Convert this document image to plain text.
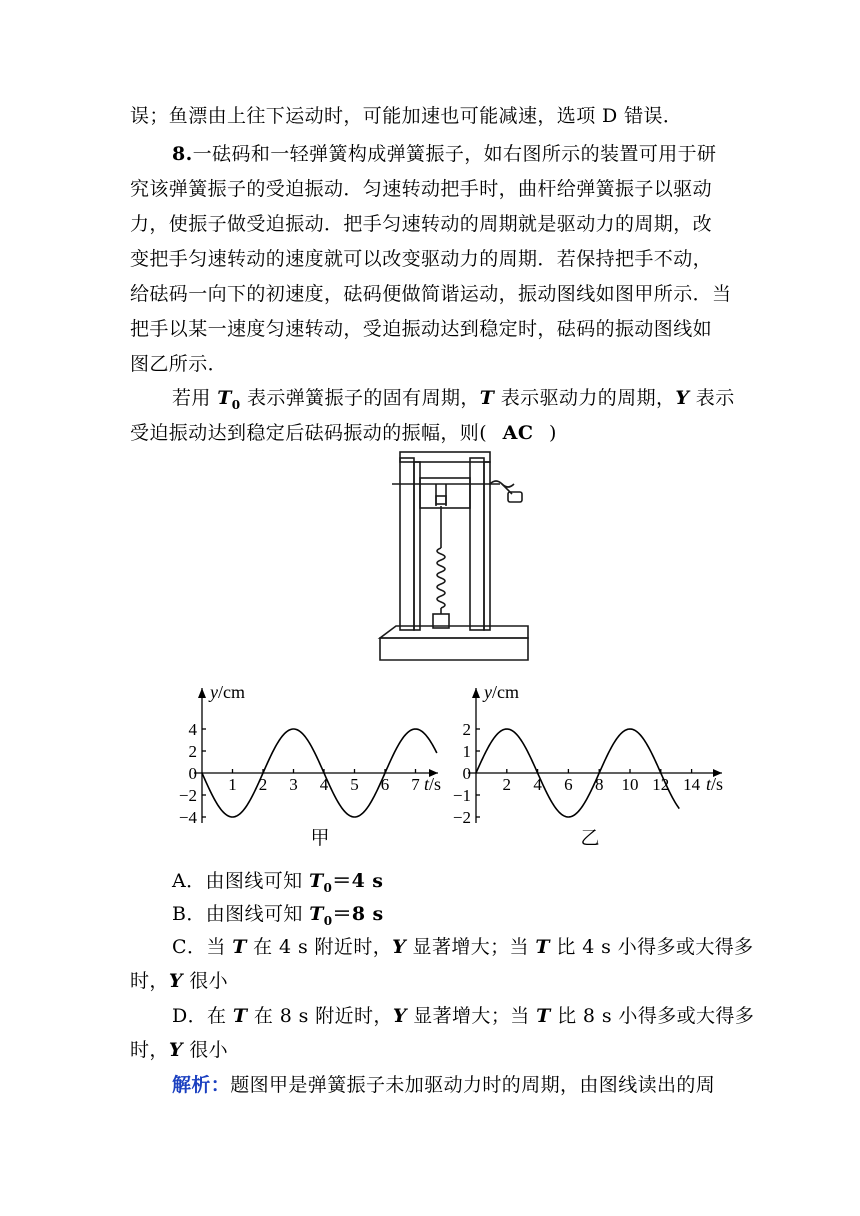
误；鱼漂由上往下运动时，可能加速也可能减速，选项 D 错误．
8.一砝码和一轻弹簧构成弹簧振子，如右图所示的装置可用于研
究该弹簧振子的受迫振动．匀速转动把手时，曲杆给弹簧振子以驱动
力，使振子做受迫振动．把手匀速转动的周期就是驱动力的周期，改
变把手匀速转动的速度就可以改变驱动力的周期．若保持把手不动，
给砝码一向下的初速度，砝码便做简谐运动，振动图线如图甲所示．当
把手以某一速度匀速转动，受迫振动达到稳定时，砝码的振动图线如
图乙所示．
若用 $T_0$ 表示弹簧振子的固有周期，T 表示驱动力的周期，Y 表示
受迫振动达到稳定后砝码振动的振幅，则( AC )
y/cm
t/s
1 2 3 4 5 6 7
4
2
0
−2
−4
甲
y/cm
t/s
2 4 6 8 10 12 14
2
1
0
−1
−2
乙
A．由图线可知 $T_0=4$ s
B．由图线可知 $T_0=8$ s
C．当 T 在 4 s 附近时，Y 显著增大；当 T 比 4 s 小得多或大得多
时，Y 很小
D．在 T 在 8 s 附近时，Y 显著增大；当 T 比 8 s 小得多或大得多
时，Y 很小
解析：题图甲是弹簧振子未加驱动力时的周期，由图线读出的周
